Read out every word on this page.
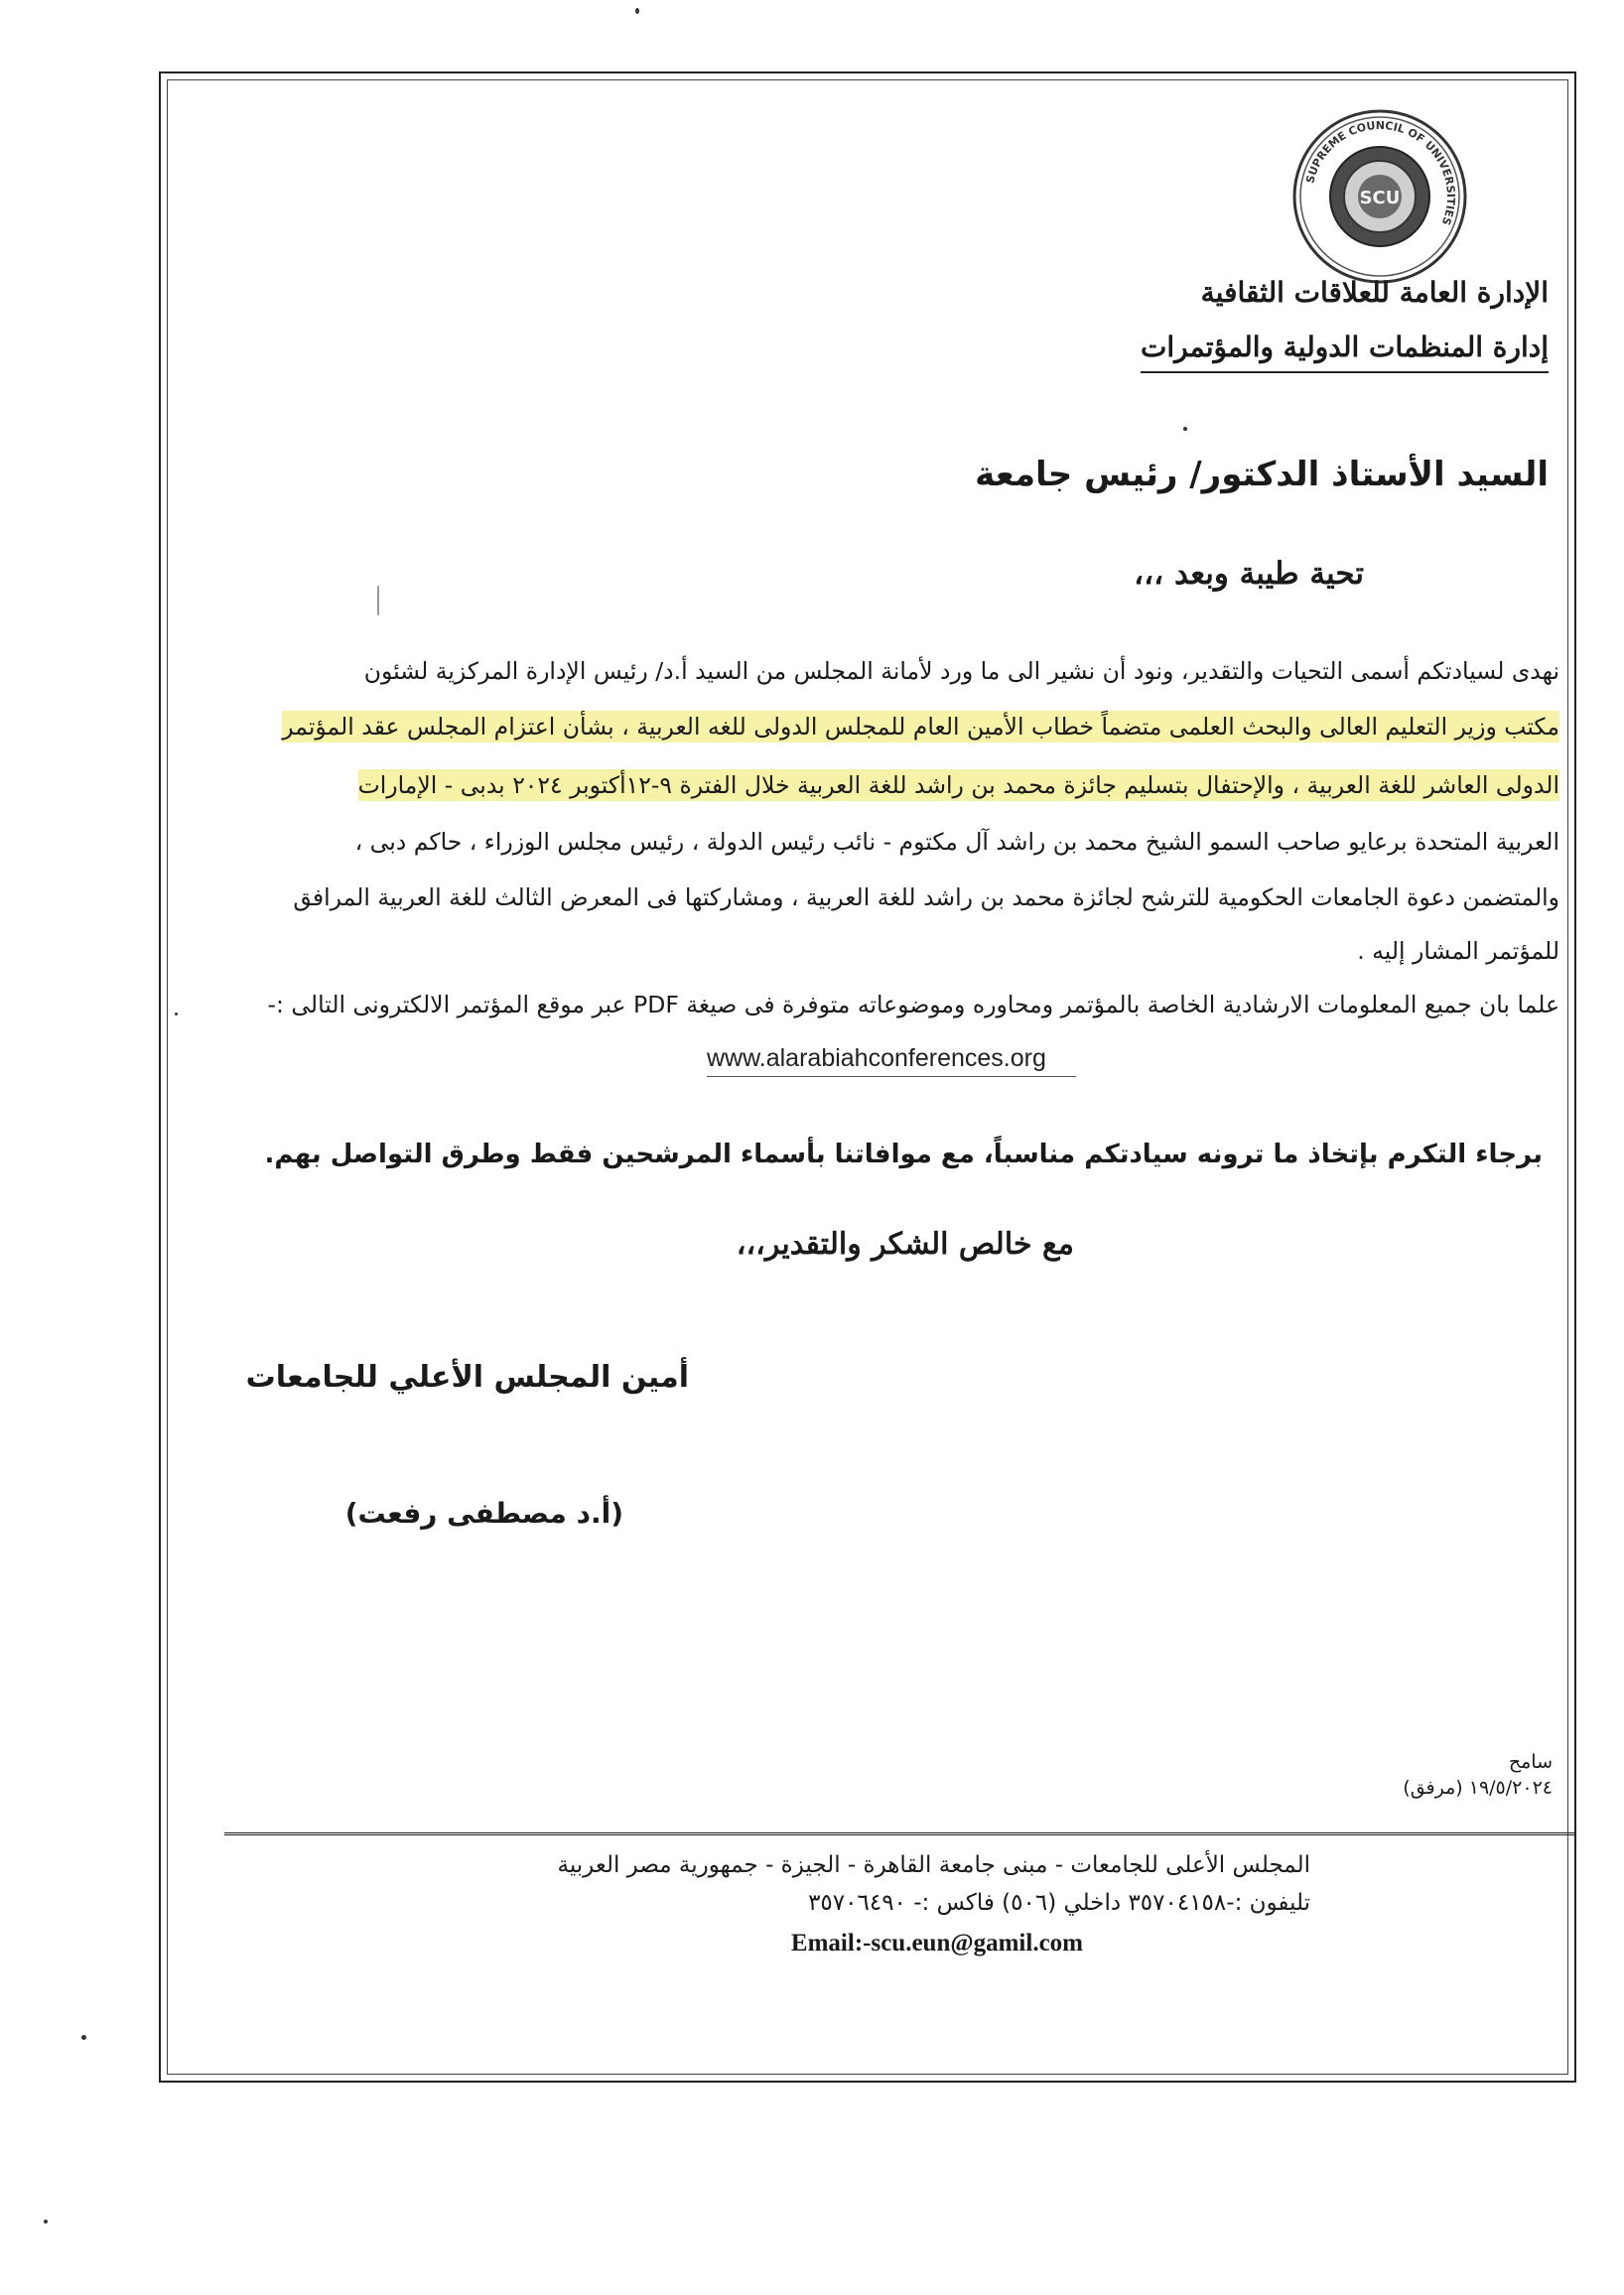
SUPREME COUNCIL OF UNIVERSITIES
SCU
الإدارة العامة للعلاقات الثقافية
إدارة المنظمات الدولية والمؤتمرات
السيد الأستاذ الدكتور/ رئيس جامعة
تحية طيبة وبعد ،،،
نهدى لسيادتكم أسمى التحيات والتقدير، ونود أن نشير الى ما ورد لأمانة المجلس من السيد أ.د/ رئيس الإدارة المركزية لشئون
مكتب وزير التعليم العالى والبحث العلمى متضماً خطاب الأمين العام للمجلس الدولى للغه العربية ، بشأن اعتزام المجلس عقد المؤتمر
الدولى العاشر للغة العربية ، والإحتفال بتسليم جائزة محمد بن راشد للغة العربية خلال الفترة ٩-١٢أكتوبر ٢٠٢٤ بدبى - الإمارات
العربية المتحدة برعايو صاحب السمو الشيخ محمد بن راشد آل مكتوم - نائب رئيس الدولة ، رئيس مجلس الوزراء ، حاكم دبى ،
والمتضمن دعوة الجامعات الحكومية للترشح لجائزة محمد بن راشد للغة العربية ، ومشاركتها فى المعرض الثالث للغة العربية المرافق
للمؤتمر المشار إليه .
علما بان جميع المعلومات الارشادية الخاصة بالمؤتمر ومحاوره وموضوعاته متوفرة فى صيغة PDF عبر موقع المؤتمر الالكترونى التالى :-
www.alarabiahconferences.org
برجاء التكرم بإتخاذ ما ترونه سيادتكم مناسباً، مع موافاتنا بأسماء المرشحين فقط وطرق التواصل بهم.
مع خالص الشكر والتقدير،،،
أمين المجلس الأعلي للجامعات
(أ.د مصطفى رفعت)
سامح
١٩/٥/٢٠٢٤ (مرفق)
المجلس الأعلى للجامعات - مبنى جامعة القاهرة - الجيزة - جمهورية مصر العربية
تليفون :-٣٥٧٠٤١٥٨ داخلي (٥٠٦) فاكس :- ٣٥٧٠٦٤٩٠
Email:-scu.eun@gamil.com
